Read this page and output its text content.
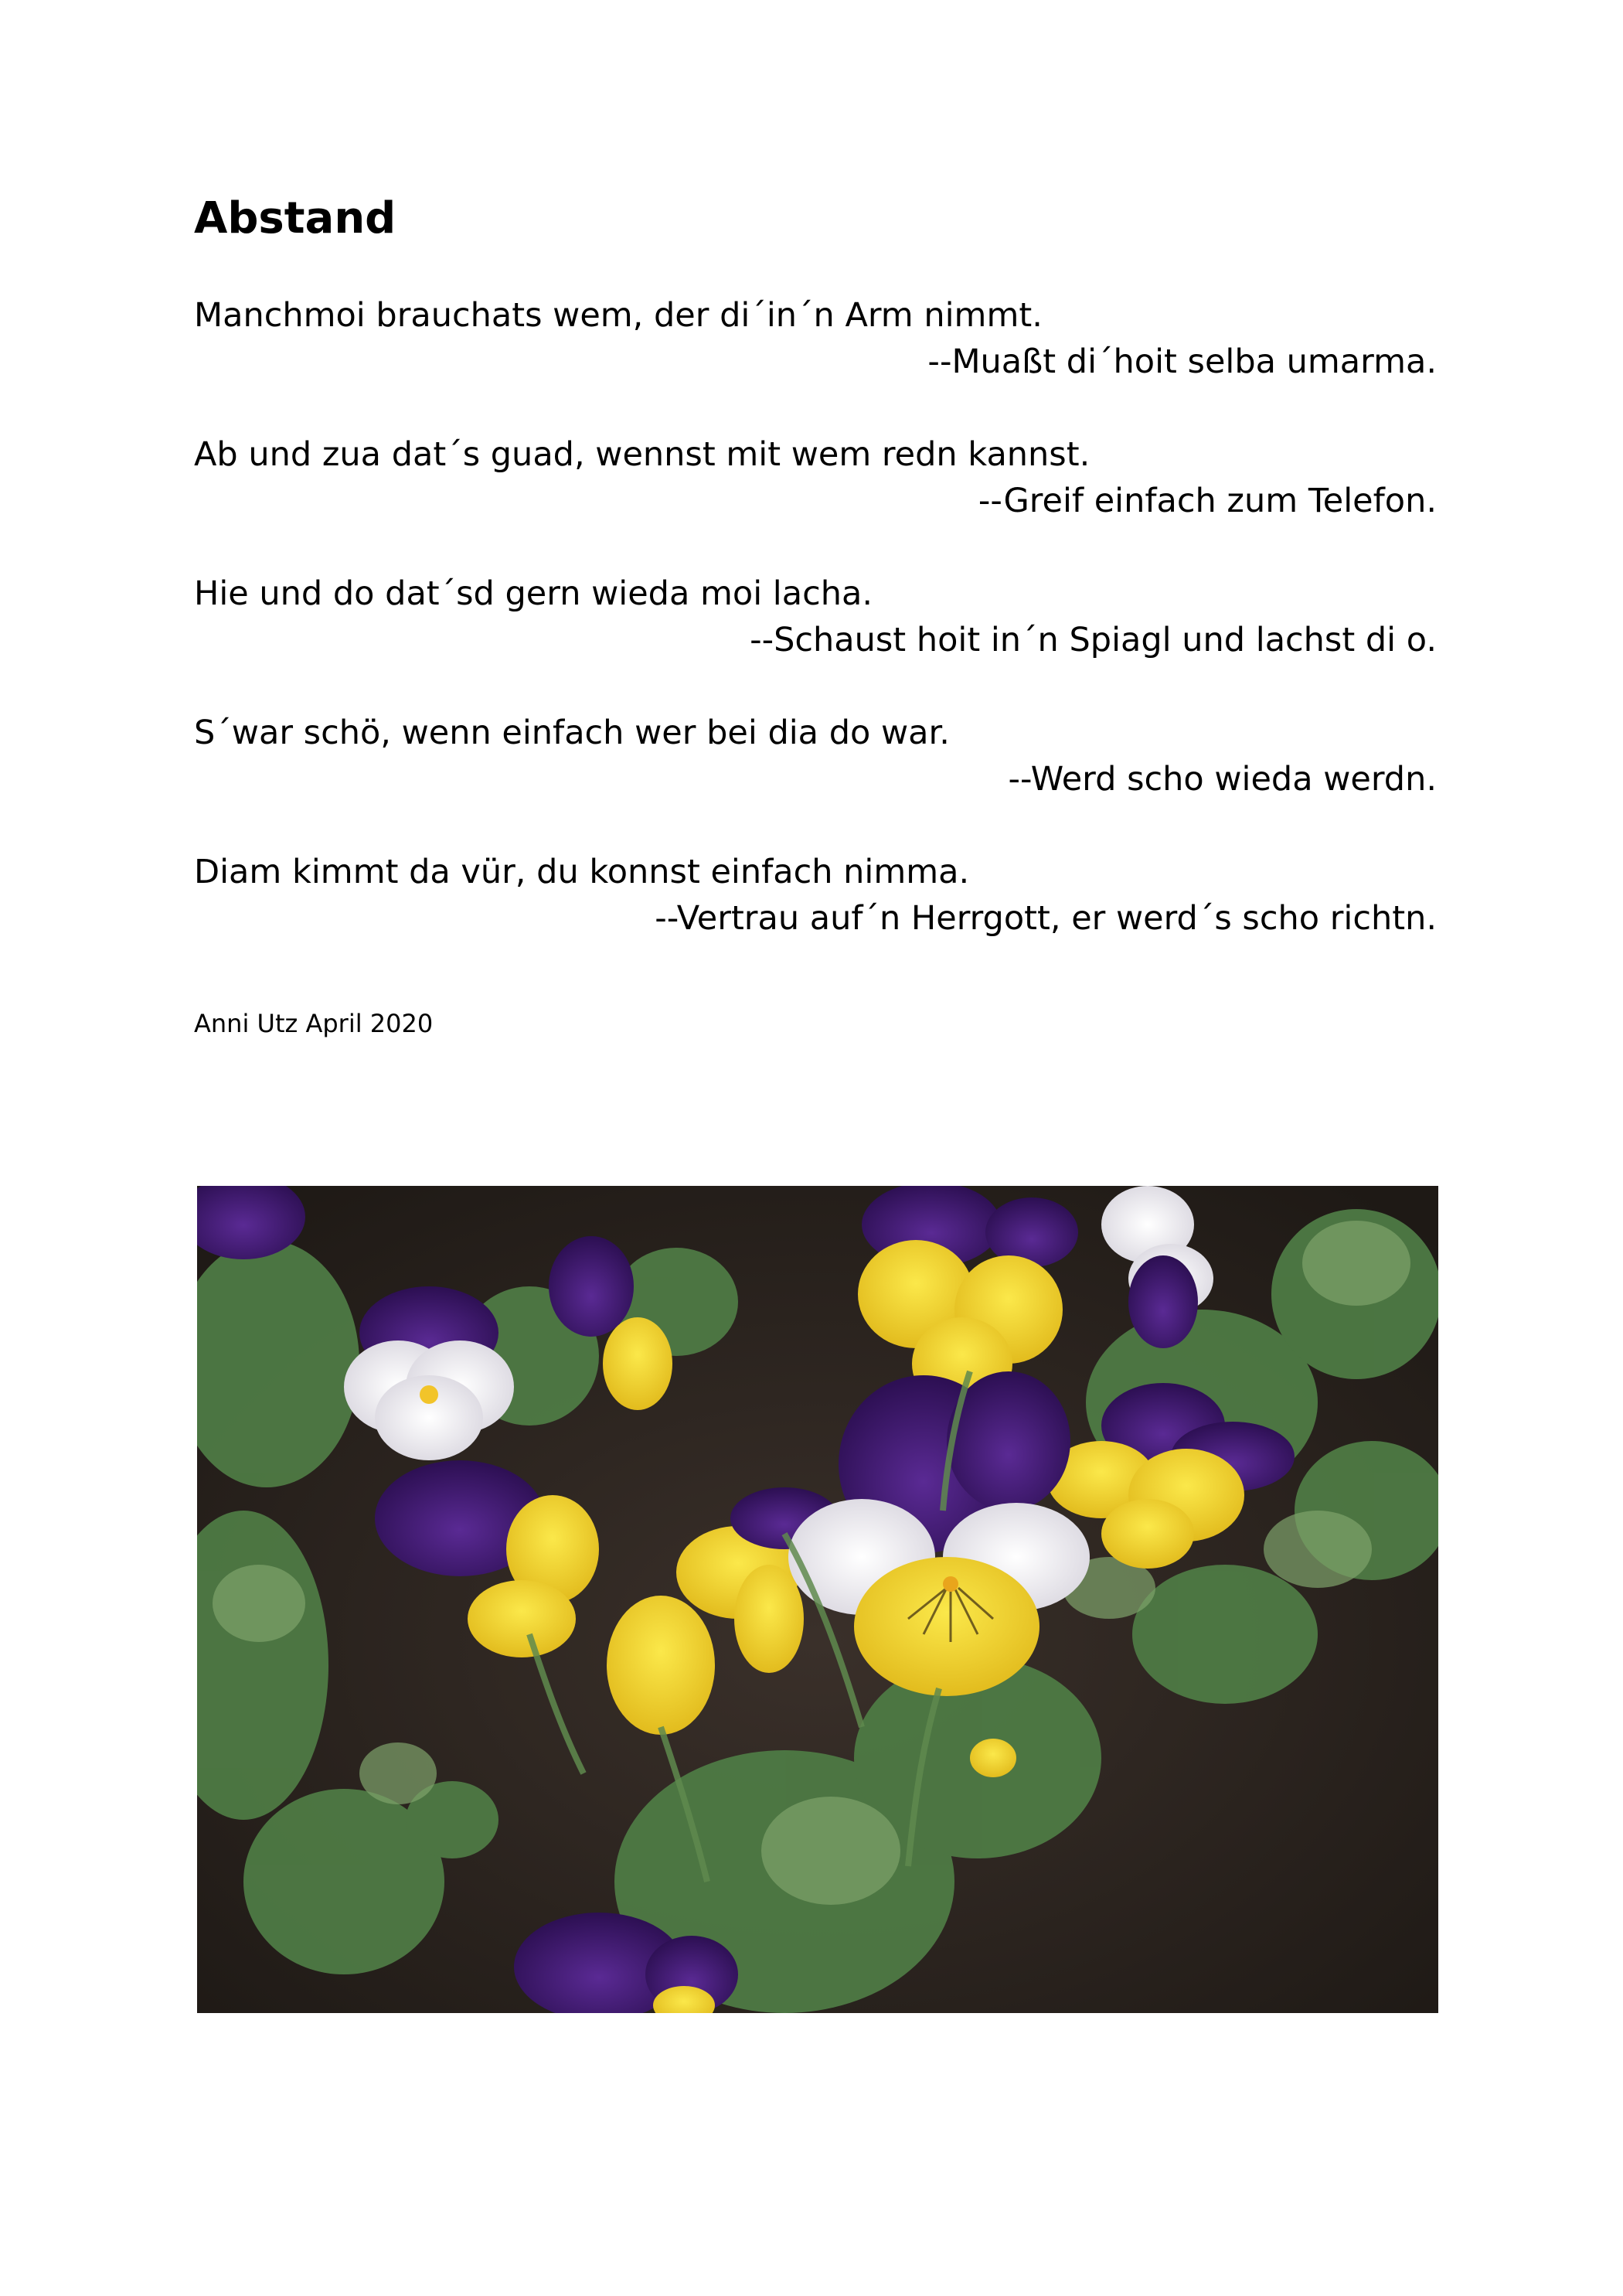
Abstand
Manchmoi brauchats wem, der di´in´n Arm nimmt.
--Muaßt di´hoit selba umarma.
Ab und zua dat´s guad, wennst mit wem redn kannst.
--Greif einfach zum Telefon.
Hie und do dat´sd gern wieda moi lacha.
--Schaust hoit in´n Spiagl und lachst di o.
S´war schö, wenn einfach wer bei dia do war.
--Werd scho wieda werdn.
Diam kimmt da vür, du konnst einfach nimma.
--Vertrau auf´n Herrgott, er werd´s scho richtn.
Anni Utz April 2020
